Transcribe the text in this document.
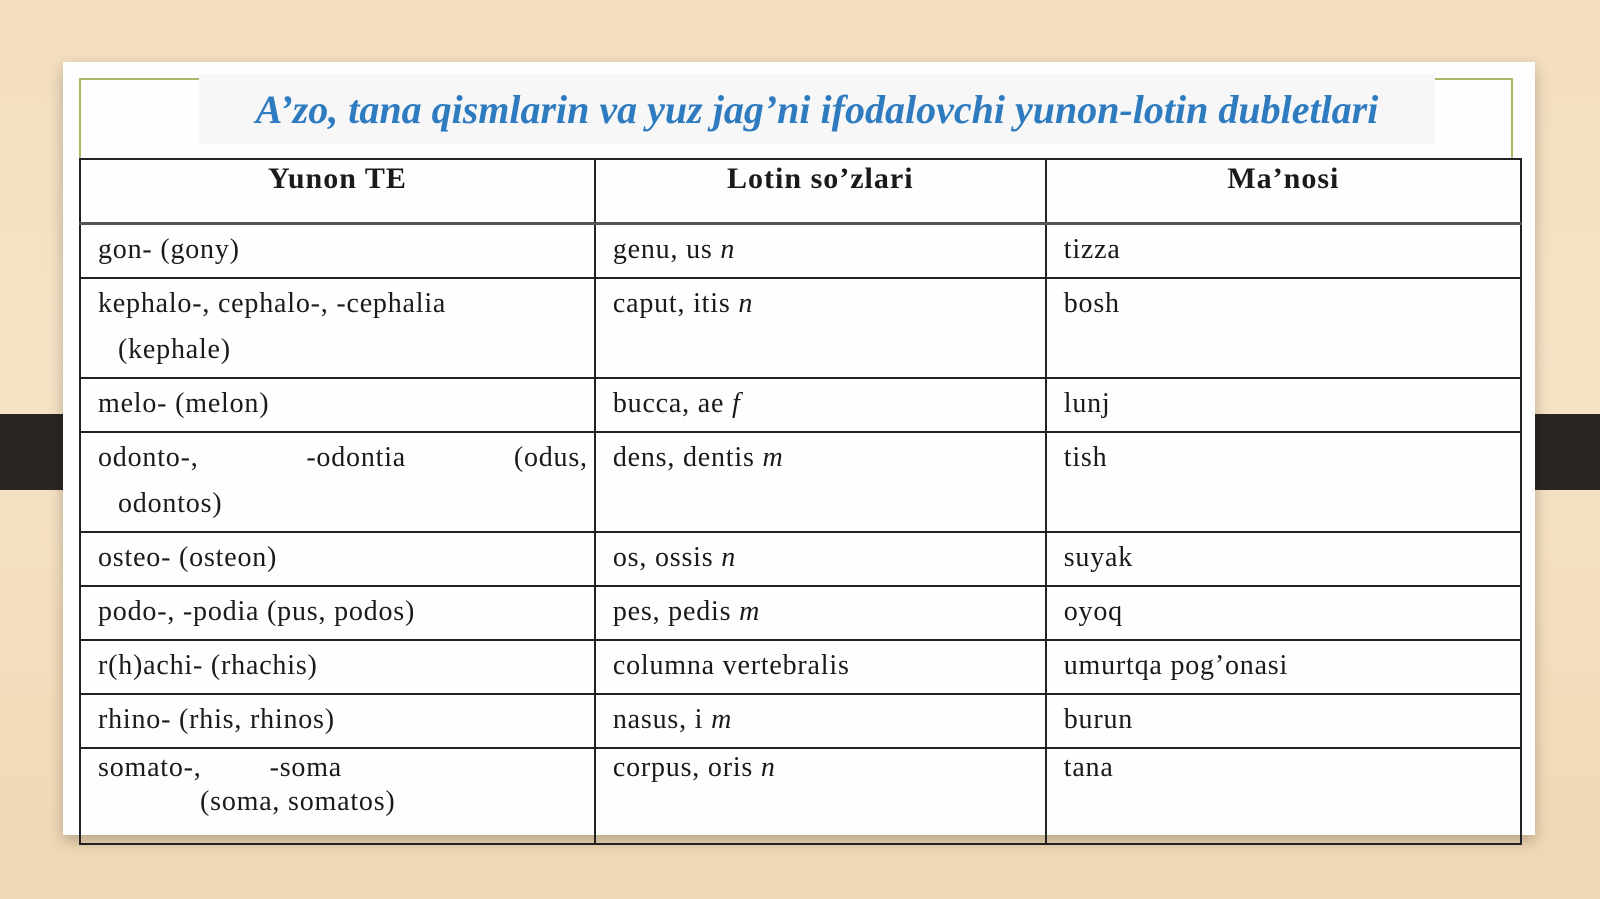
A’zo, tana qismlarin va yuz jag’ni ifodalovchi yunon-lotin dubletlari
Yunon TE	Lotin so’zlari	Ma’nosi
gon- (gony)	genu, us n	tizza

kephalo-, cephalo-, -cephalia
(kephale)	caput, itis n	bosh
melo- (melon)	bucca, ae f	lunj

odonto-, -odontia (odus,
odontos)	dens, dentis m	tish
osteo- (osteon)	os, ossis n	suyak
podo-, -podia (pus, podos)	pes, pedis m	oyoq
r(h)achi- (rhachis)	columna vertebralis	umurtqa pog’onasi
rhino- (rhis, rhinos)	nasus, i m	burun

somato-, -soma
(soma, somatos)	corpus, oris n	tana
